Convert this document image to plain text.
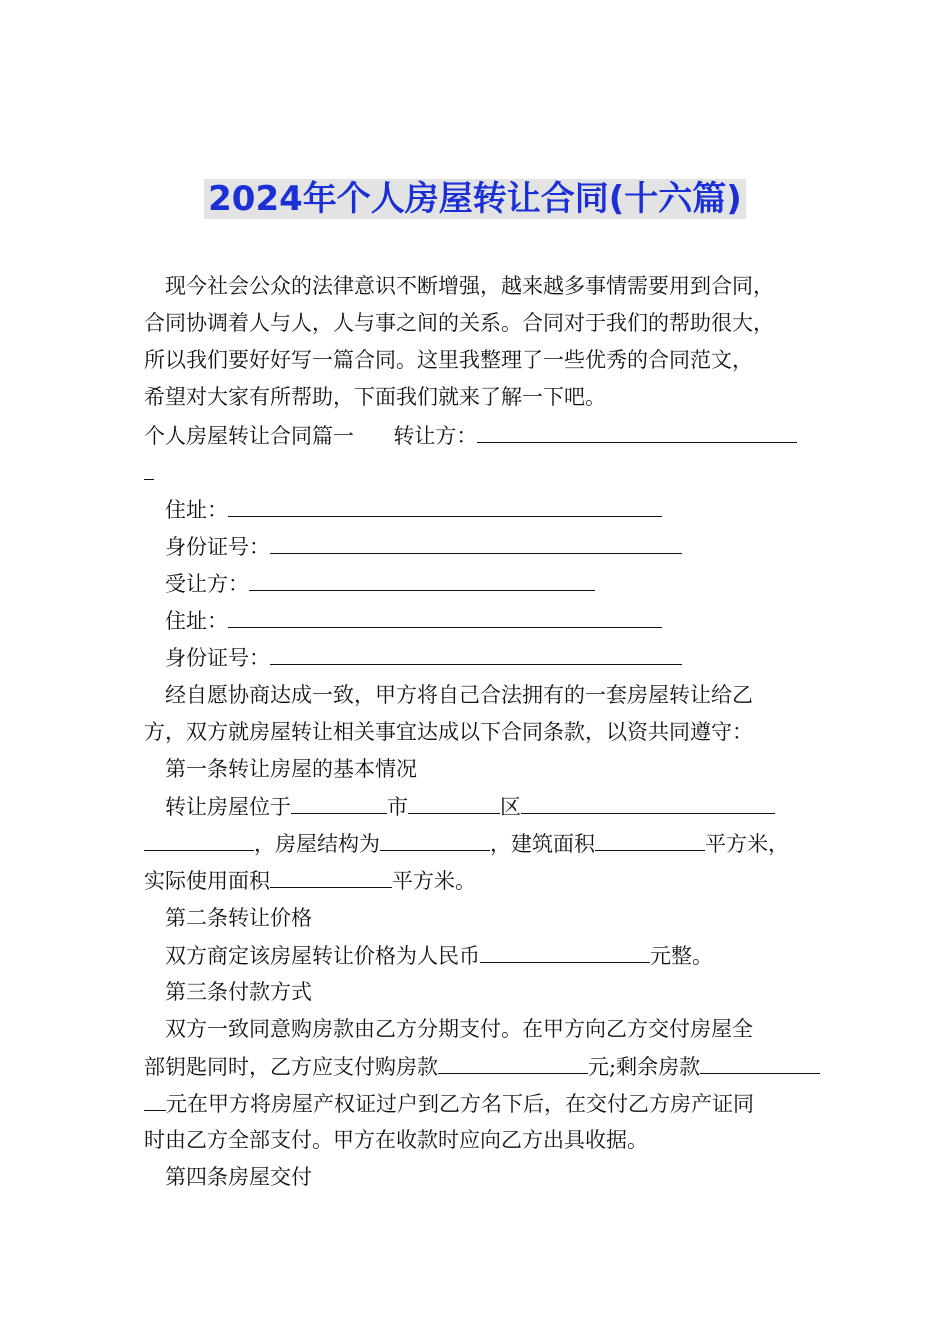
2024年个人房屋转让合同(十六篇)
现今社会公众的法律意识不断增强，越来越多事情需要用到合同，
合同协调着人与人，人与事之间的关系。合同对于我们的帮助很大，
所以我们要好好写一篇合同。这里我整理了一些优秀的合同范文，
希望对大家有所帮助，下面我们就来了解一下吧。
个人房屋转让合同篇一 转让方：
住址：
身份证号：
受让方：
住址：
身份证号：
经自愿协商达成一致，甲方将自己合法拥有的一套房屋转让给乙
方，双方就房屋转让相关事宜达成以下合同条款，以资共同遵守：
第一条转让房屋的基本情况
转让房屋位于	市	区
，房屋结构为	，建筑面积	平方米，
实际使用面积	平方米。
第二条转让价格
双方商定该房屋转让价格为人民币	元整。
第三条付款方式
双方一致同意购房款由乙方分期支付。在甲方向乙方交付房屋全
部钥匙同时，乙方应支付购房款	元;剩余房款
元在甲方将房屋产权证过户到乙方名下后，在交付乙方房产证同
时由乙方全部支付。甲方在收款时应向乙方出具收据。
第四条房屋交付
